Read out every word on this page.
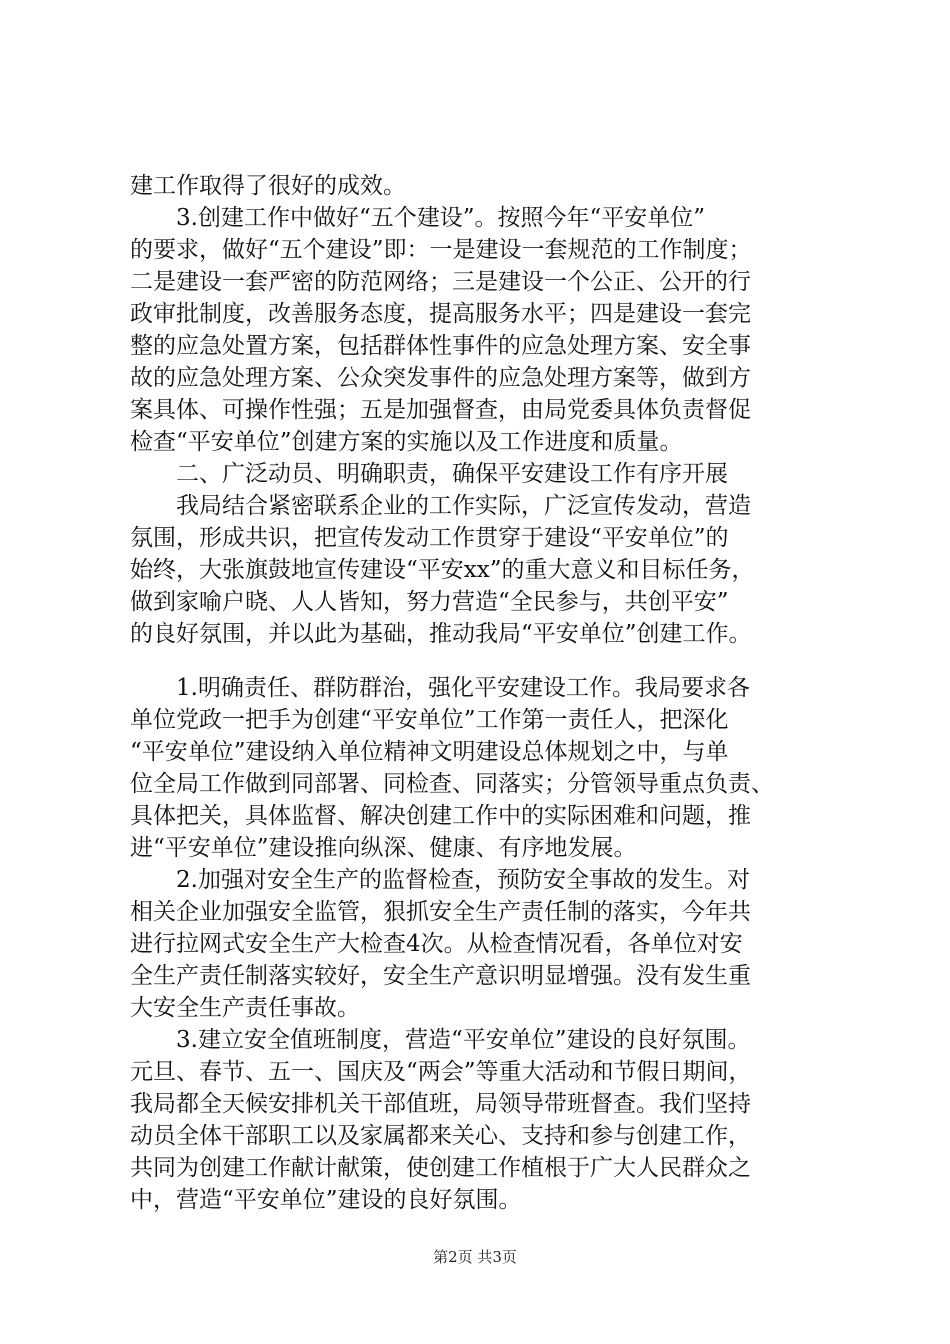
建工作取得了很好的成效。
　　3.创建工作中做好“五个建设”。按照今年“平安单位”
的要求，做好“五个建设”即：一是建设一套规范的工作制度；
二是建设一套严密的防范网络；三是建设一个公正、公开的行
政审批制度，改善服务态度，提高服务水平；四是建设一套完
整的应急处置方案，包括群体性事件的应急处理方案、安全事
故的应急处理方案、公众突发事件的应急处理方案等，做到方
案具体、可操作性强；五是加强督查，由局党委具体负责督促
检查“平安单位”创建方案的实施以及工作进度和质量。
　　二、广泛动员、明确职责，确保平安建设工作有序开展
　　我局结合紧密联系企业的工作实际，广泛宣传发动，营造
氛围，形成共识，把宣传发动工作贯穿于建设“平安单位”的
始终，大张旗鼓地宣传建设“平安xx”的重大意义和目标任务，
做到家喻户晓、人人皆知，努力营造“全民参与，共创平安”
的良好氛围，并以此为基础，推动我局“平安单位”创建工作。
　　1.明确责任、群防群治，强化平安建设工作。我局要求各
单位党政一把手为创建“平安单位”工作第一责任人，把深化
“平安单位”建设纳入单位精神文明建设总体规划之中，与单
位全局工作做到同部署、同检查、同落实；分管领导重点负责、
具体把关，具体监督、解决创建工作中的实际困难和问题，推
进“平安单位”建设推向纵深、健康、有序地发展。
　　2.加强对安全生产的监督检查，预防安全事故的发生。对
相关企业加强安全监管，狠抓安全生产责任制的落实，今年共
进行拉网式安全生产大检查4次。从检查情况看，各单位对安
全生产责任制落实较好，安全生产意识明显增强。没有发生重
大安全生产责任事故。
　　3.建立安全值班制度，营造“平安单位”建设的良好氛围。
元旦、春节、五一、国庆及“两会”等重大活动和节假日期间，
我局都全天候安排机关干部值班，局领导带班督查。我们坚持
动员全体干部职工以及家属都来关心、支持和参与创建工作，
共同为创建工作献计献策，使创建工作植根于广大人民群众之
中，营造“平安单位”建设的良好氛围。
第2页 共3页
